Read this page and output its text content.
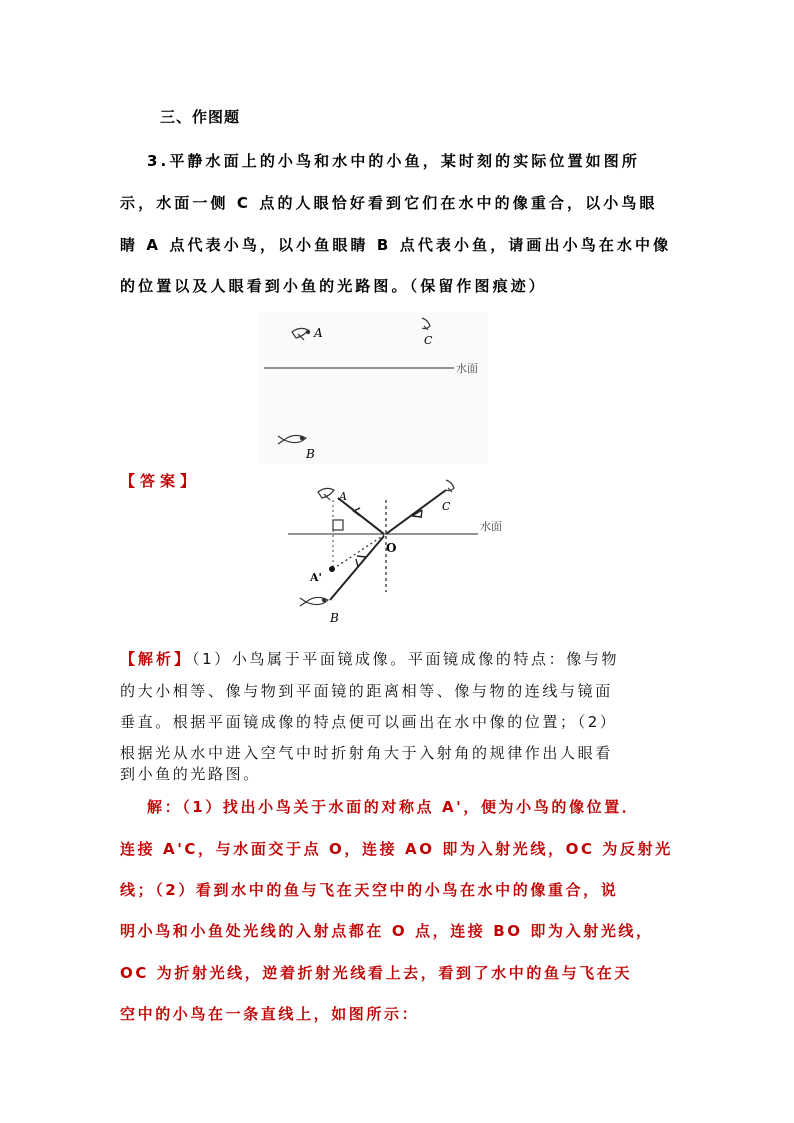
三、作图题
3.平静水面上的小鸟和水中的小鱼，某时刻的实际位置如图所
示，水面一侧 C 点的人眼恰好看到它们在水中的像重合，以小鸟眼
睛 A 点代表小鸟，以小鱼眼睛 B 点代表小鱼，请画出小鸟在水中像
的位置以及人眼看到小鱼的光路图。（保留作图痕迹）
A
C
水面
B
【答案】
水面
A
C
O
A'
B
【解析】（1）小鸟属于平面镜成像。平面镜成像的特点：像与物
的大小相等、像与物到平面镜的距离相等、像与物的连线与镜面
垂直。根据平面镜成像的特点便可以画出在水中像的位置；（2）
根据光从水中进入空气中时折射角大于入射角的规律作出人眼看
到小鱼的光路图。
解：（1）找出小鸟关于水面的对称点 A'，便为小鸟的像位置．
连接 A'C，与水面交于点 O，连接 AO 即为入射光线，OC 为反射光
线；（2）看到水中的鱼与飞在天空中的小鸟在水中的像重合，说
明小鸟和小鱼处光线的入射点都在 O 点，连接 BO 即为入射光线，
OC 为折射光线，逆着折射光线看上去，看到了水中的鱼与飞在天
空中的小鸟在一条直线上，如图所示：
